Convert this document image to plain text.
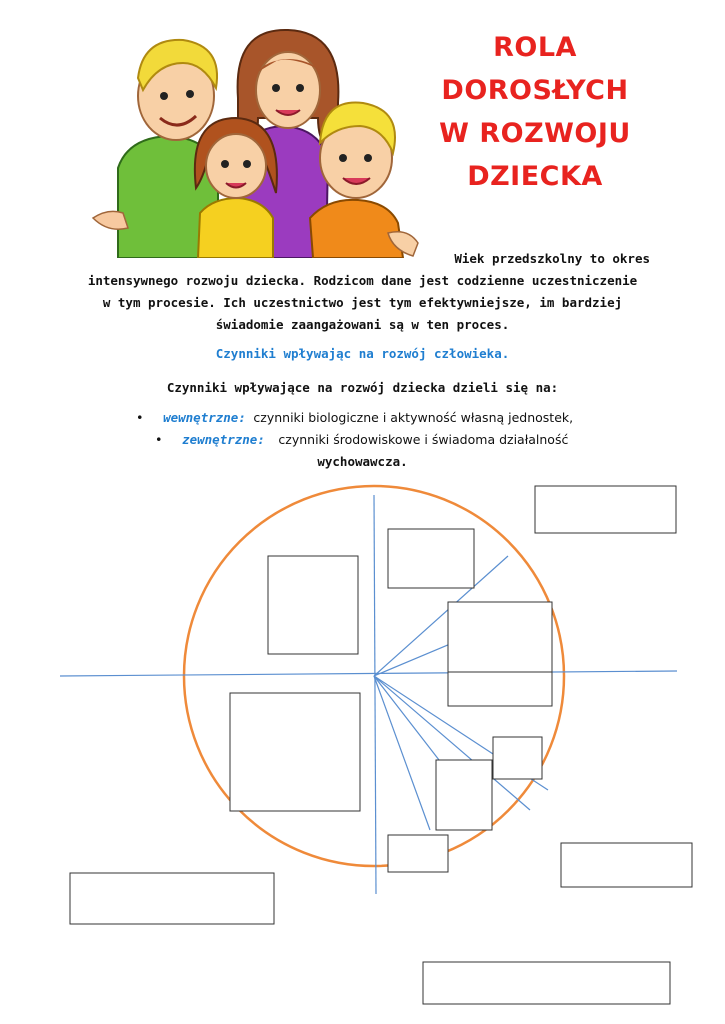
ROLA
DOROSŁYCH
W ROZWOJU
DZIECKA
Wiek przedszkolny to okres
intensywnego rozwoju dziecka. Rodzicom dane jest codzienne uczestniczenie
w tym procesie. Ich uczestnictwo jest tym efektywniejsze, im bardziej
świadomie zaangażowani są w ten proces.
Czynniki wpływając na rozwój człowieka.
Czynniki wpływające na rozwój dziecka dzieli się na:
• wewnętrzne: czynniki biologiczne i aktywność własną jednostek,
• zewnętrzne: czynniki środowiskowe i świadoma działalność
wychowawcza.
